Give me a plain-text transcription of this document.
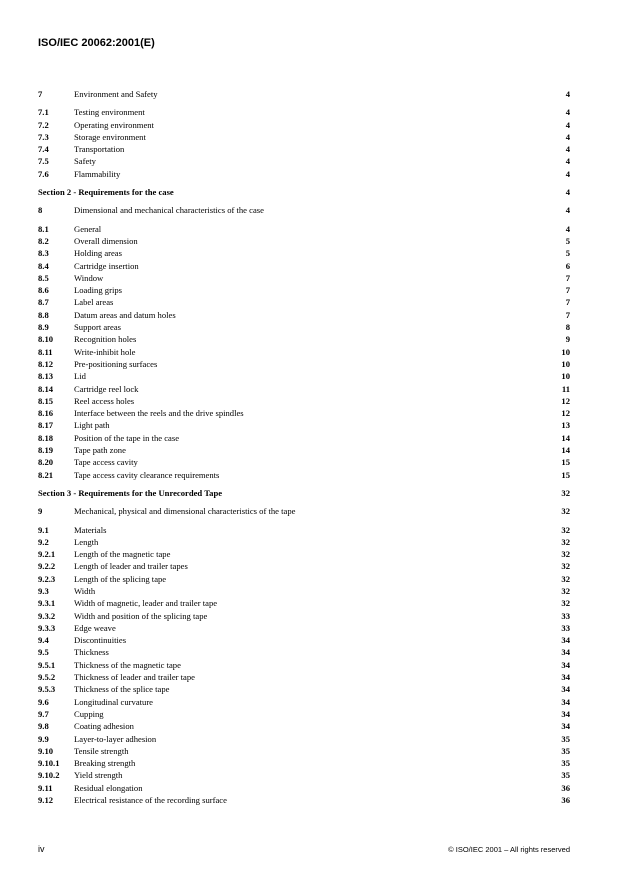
ISO/IEC 20062:2001(E)
7	Environment and Safety	4
7.1	Testing environment	4
7.2	Operating environment	4
7.3	Storage environment	4
7.4	Transportation	4
7.5	Safety	4
7.6	Flammability	4
Section 2 - Requirements for the case	4
8	Dimensional and mechanical characteristics of the case	4
8.1	General	4
8.2	Overall dimension	5
8.3	Holding areas	5
8.4	Cartridge insertion	6
8.5	Window	7
8.6	Loading grips	7
8.7	Label areas	7
8.8	Datum areas and datum holes	7
8.9	Support areas	8
8.10 Recognition holes	9
8.11 Write-inhibit hole	10
8.12 Pre-positioning surfaces	10
8.13 Lid	10
8.14 Cartridge reel lock	11
8.15 Reel access holes	12
8.16 Interface between the reels and the drive spindles	12
8.17 Light path	13
8.18 Position of the tape in the case	14
8.19 Tape path zone	14
8.20 Tape access cavity	15
8.21 Tape access cavity clearance requirements	15
Section 3 - Requirements for the Unrecorded Tape	32
9	Mechanical, physical and dimensional characteristics of the tape	32
9.1	Materials	32
9.2	Length	32
9.2.1 Length of the magnetic tape	32
9.2.2 Length of leader and trailer tapes	32
9.2.3 Length of the splicing tape	32
9.3	Width	32
9.3.1 Width of magnetic, leader and trailer tape	32
9.3.2 Width and position of the splicing tape	33
9.3.3 Edge weave	33
9.4	Discontinuities	34
9.5	Thickness	34
9.5.1 Thickness of the magnetic tape	34
9.5.2 Thickness of leader and trailer tape	34
9.5.3 Thickness of the splice tape	34
9.6	Longitudinal curvature	34
9.7	Cupping	34
9.8	Coating adhesion	34
9.9	Layer-to-layer adhesion	35
9.10 Tensile strength	35
9.10.1 Breaking strength	35
9.10.2 Yield strength	35
9.11 Residual elongation	36
9.12 Electrical resistance of the recording surface	36
iv	© ISO/IEC 2001 – All rights reserved
